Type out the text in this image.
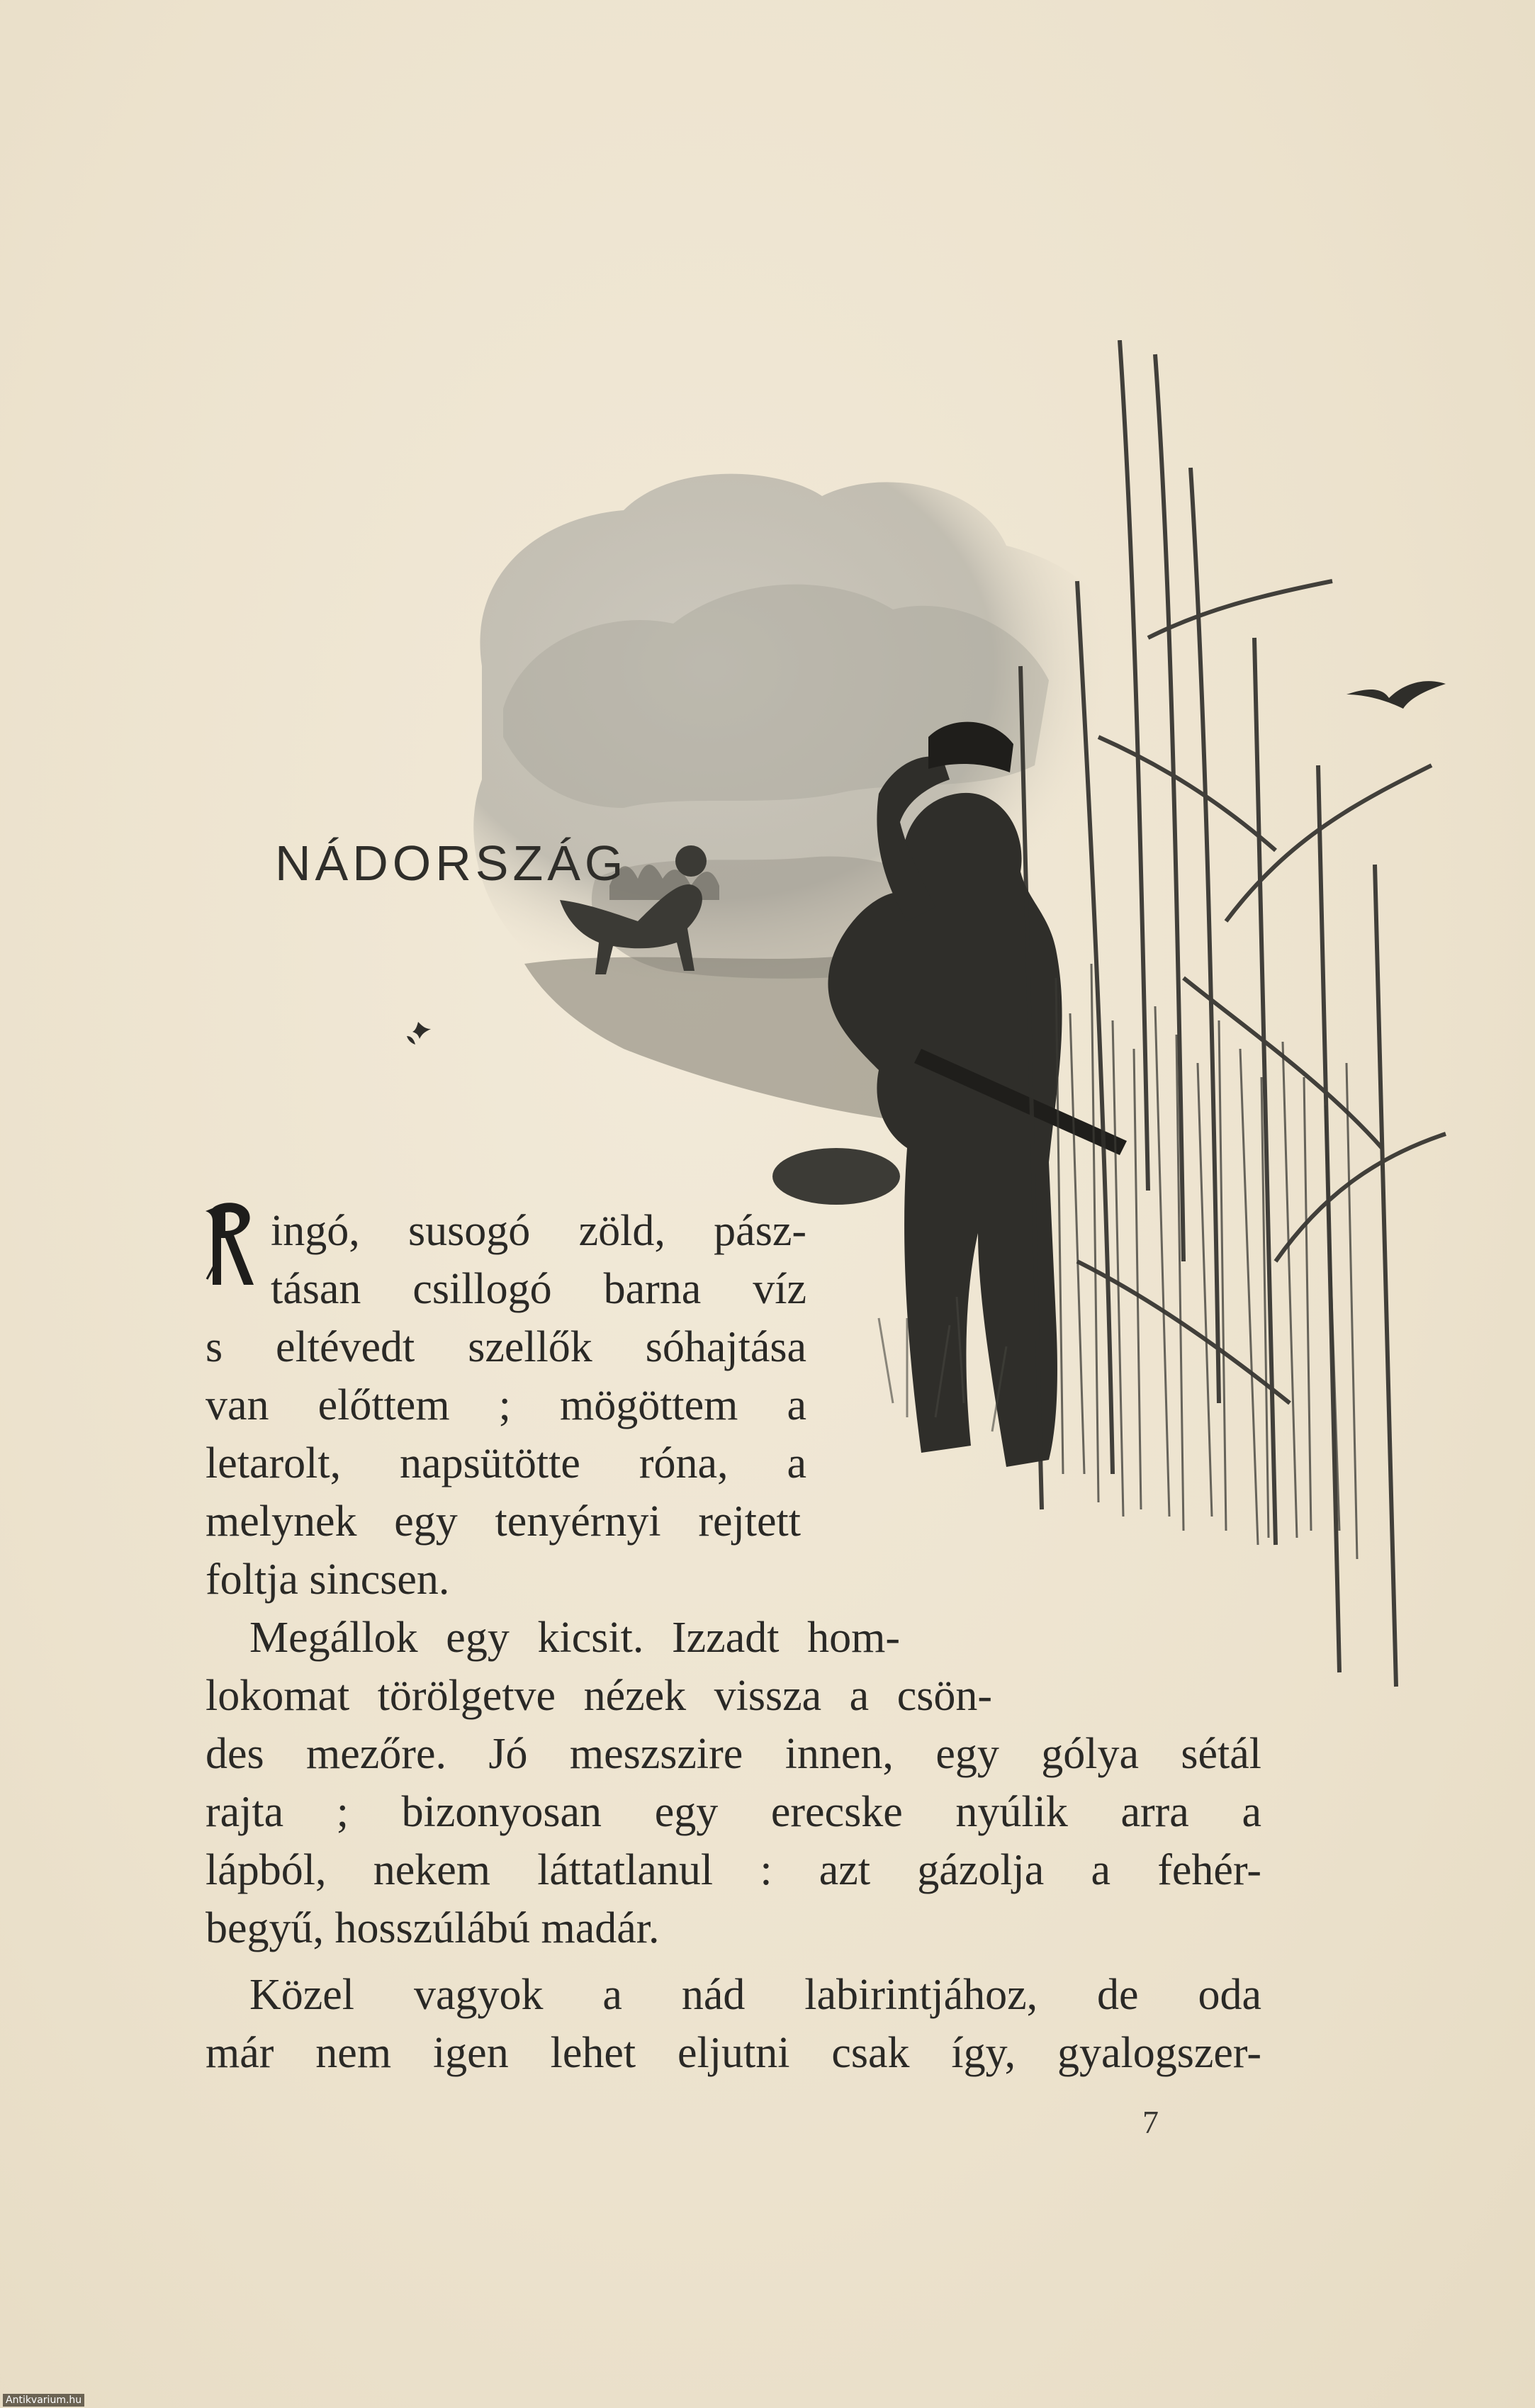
NÁDORSZÁG
R
ingó, susogó zöld, pász-
tásan csillogó barna víz
s eltévedt szellők sóhajtása
van előttem ; mögöttem a
letarolt, napsütötte róna, a
melynek egy tenyérnyi rejtett
foltja sincsen.
Megállok egy kicsit. Izzadt hom-
lokomat törölgetve nézek vissza a csön-
des mezőre. Jó meszszire innen, egy gólya sétál
rajta ; bizonyosan egy erecske nyúlik arra a
lápból, nekem láttatlanul : azt gázolja a fehér-
begyű, hosszúlábú madár.
Közel vagyok a nád labirintjához, de oda
már nem igen lehet eljutni csak így, gyalogszer-
7
Antikvarium.hu
